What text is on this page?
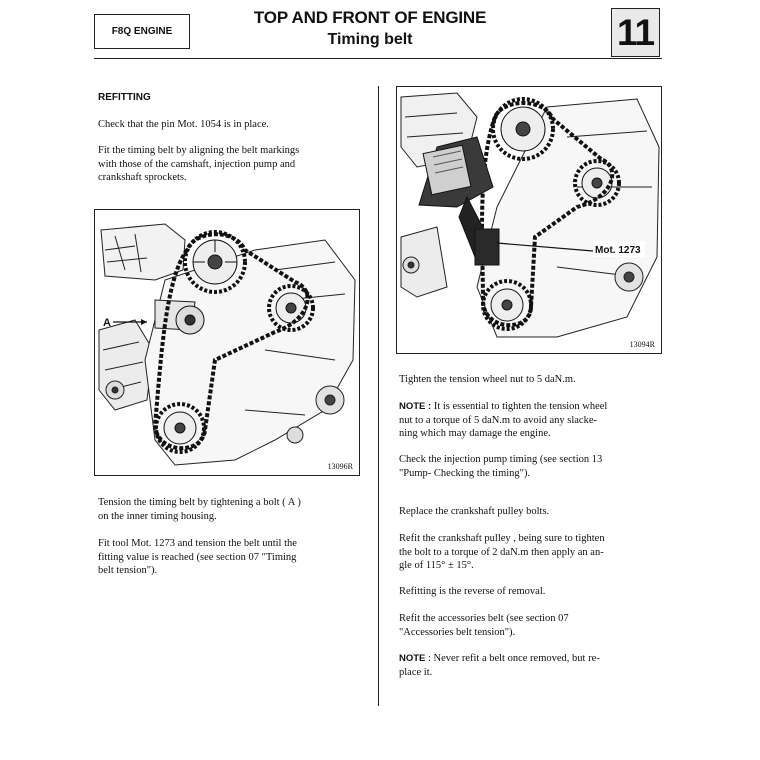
F8Q ENGINE
TOP AND FRONT OF ENGINE
Timing belt	11
REFITTING

Check that the pin Mot. 1054 is in place.

Fit the timing belt by aligning the belt markings
with those of the camshaft, injection pump and
crankshaft sprockets.

A
13096R

Tension the timing belt by tightening a bolt ( A )
on the inner timing housing.

Fit tool Mot. 1273 and tension the belt until the
fitting value is reached (see section 07 "Timing
belt tension").

Mot. 1273
13094R

Tighten the tension wheel nut to 5 daN.m.

NOTE : It is essential to tighten the tension wheel
nut to a torque of 5 daN.m to avoid any slacke-
ning which may damage the engine.

Check the injection pump timing (see section 13
"Pump- Checking the timing").

Replace the crankshaft pulley bolts.

Refit the crankshaft pulley , being sure to tighten
the bolt to a torque of 2 daN.m then apply an an-
gle of 115° ± 15°.

Refitting is the reverse of removal.

Refit the accessories belt (see section 07
"Accessories belt tension").

NOTE : Never refit a belt once removed, but re-
place it.
